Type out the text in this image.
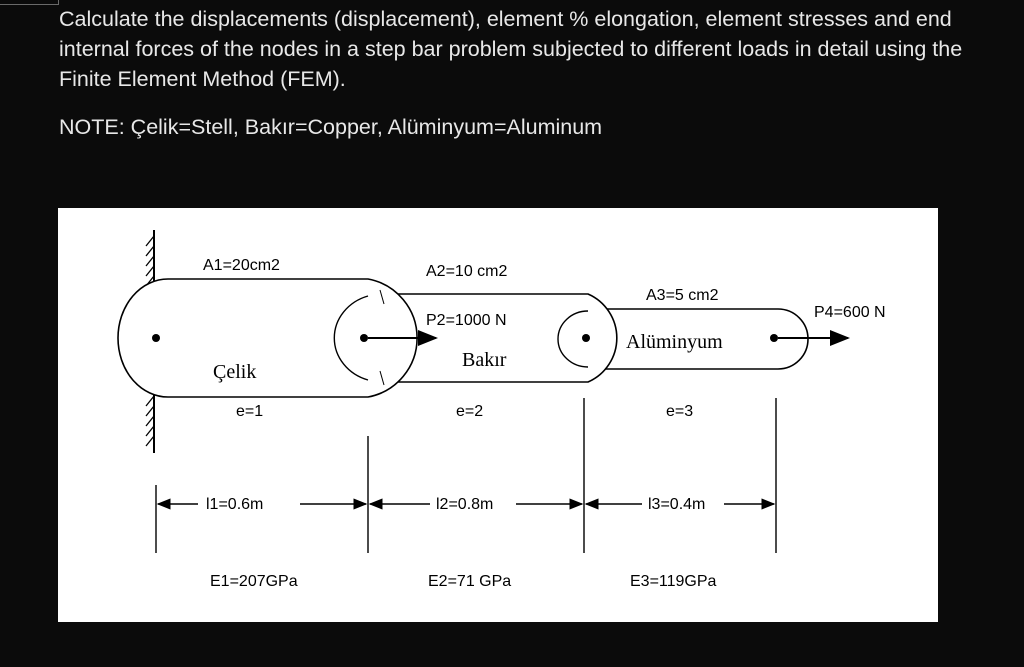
Calculate the displacements (displacement), element % elongation, element stresses and end internal forces of the nodes in a step bar problem subjected to different loads in detail using the Finite Element Method (FEM).

NOTE: Çelik=Stell, Bakır=Copper, Alüminyum=Aluminum

A1=20cm2	A2=10 cm2
A3=5 cm2
P2=1000 N	P4=600 N
Çelik
Bakır
Alüminyum
e=1	e=2	e=3
l1=0.6m	l2=0.8m	l3=0.4m
E1=207GPa	E2=71 GPa	E3=119GPa
